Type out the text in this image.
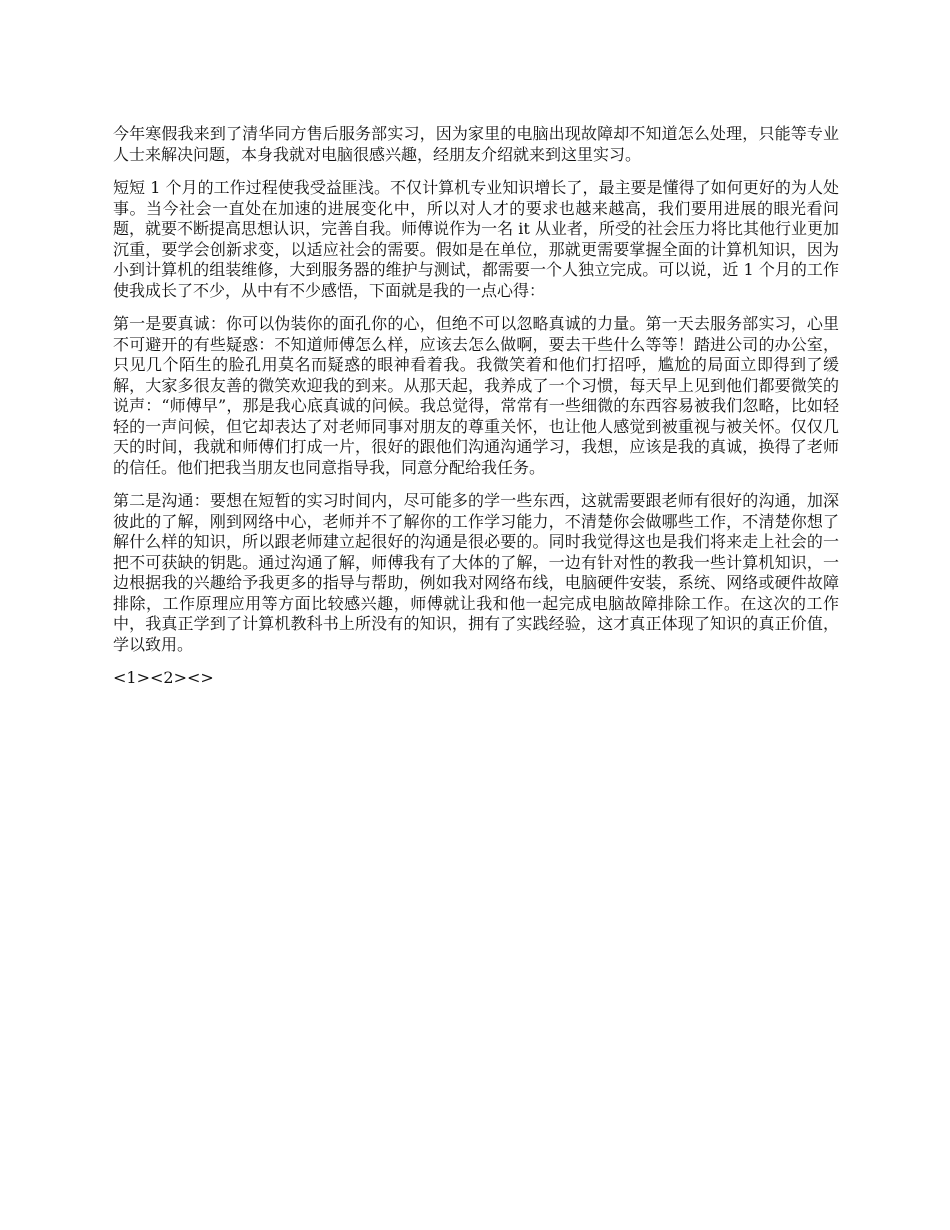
今年寒假我来到了清华同方售后服务部实习，因为家里的电脑出现故障却不知道怎么处理，只能等专业人士来解决问题，本身我就对电脑很感兴趣，经朋友介绍就来到这里实习。

短短 1 个月的工作过程使我受益匪浅。不仅计算机专业知识增长了，最主要是懂得了如何更好的为人处事。当今社会一直处在加速的进展变化中，所以对人才的要求也越来越高，我们要用进展的眼光看问题，就要不断提高思想认识，完善自我。师傅说作为一名 it 从业者，所受的社会压力将比其他行业更加沉重，要学会创新求变，以适应社会的需要。假如是在单位，那就更需要掌握全面的计算机知识，因为小到计算机的组装维修，大到服务器的维护与测试，都需要一个人独立完成。可以说，近 1 个月的工作使我成长了不少，从中有不少感悟，下面就是我的一点心得：

第一是要真诚：你可以伪装你的面孔你的心，但绝不可以忽略真诚的力量。第一天去服务部实习，心里不可避开的有些疑惑：不知道师傅怎么样，应该去怎么做啊，要去干些什么等等！踏进公司的办公室，只见几个陌生的脸孔用莫名而疑惑的眼神看着我。我微笑着和他们打招呼，尴尬的局面立即得到了缓解，大家多很友善的微笑欢迎我的到来。从那天起，我养成了一个习惯，每天早上见到他们都要微笑的说声：“师傅早”，那是我心底真诚的问候。我总觉得，常常有一些细微的东西容易被我们忽略，比如轻轻的一声问候，但它却表达了对老师同事对朋友的尊重关怀，也让他人感觉到被重视与被关怀。仅仅几天的时间，我就和师傅们打成一片，很好的跟他们沟通沟通学习，我想，应该是我的真诚，换得了老师的信任。他们把我当朋友也同意指导我，同意分配给我任务。

第二是沟通：要想在短暂的实习时间内，尽可能多的学一些东西，这就需要跟老师有很好的沟通，加深彼此的了解，刚到网络中心，老师并不了解你的工作学习能力，不清楚你会做哪些工作，不清楚你想了解什么样的知识，所以跟老师建立起很好的沟通是很必要的。同时我觉得这也是我们将来走上社会的一把不可获缺的钥匙。通过沟通了解，师傅我有了大体的了解，一边有针对性的教我一些计算机知识，一边根据我的兴趣给予我更多的指导与帮助，例如我对网络布线，电脑硬件安装，系统、网络或硬件故障排除，工作原理应用等方面比较感兴趣，师傅就让我和他一起完成电脑故障排除工作。在这次的工作中，我真正学到了计算机教科书上所没有的知识，拥有了实践经验，这才真正体现了知识的真正价值，学以致用。

<1><2><>
